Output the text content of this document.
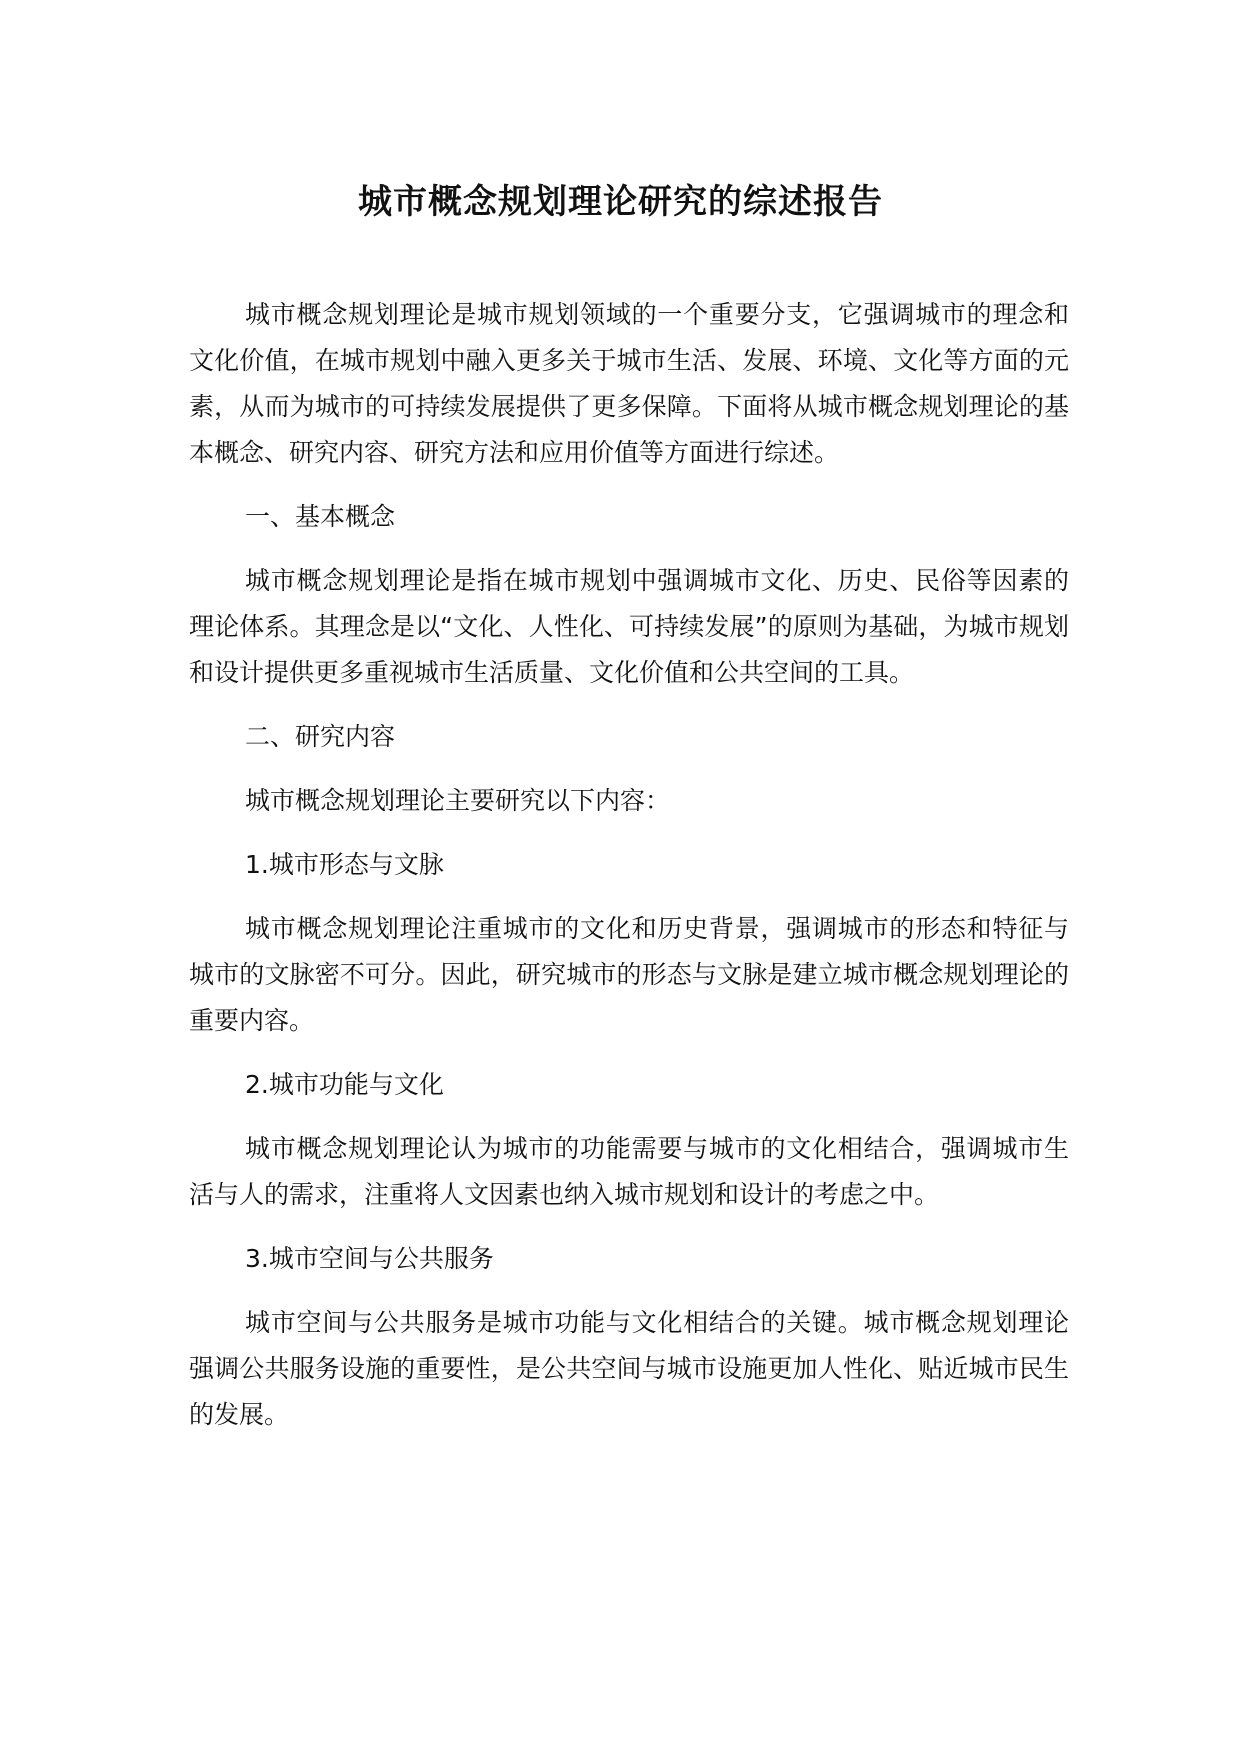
城市概念规划理论研究的综述报告

城市概念规划理论是城市规划领域的一个重要分支，它强调城市的理念和文化价值，在城市规划中融入更多关于城市生活、发展、环境、文化等方面的元素，从而为城市的可持续发展提供了更多保障。下面将从城市概念规划理论的基本概念、研究内容、研究方法和应用价值等方面进行综述。

一、基本概念

城市概念规划理论是指在城市规划中强调城市文化、历史、民俗等因素的理论体系。其理念是以“文化、人性化、可持续发展”的原则为基础，为城市规划和设计提供更多重视城市生活质量、文化价值和公共空间的工具。

二、研究内容

城市概念规划理论主要研究以下内容：

1.城市形态与文脉

城市概念规划理论注重城市的文化和历史背景，强调城市的形态和特征与城市的文脉密不可分。因此，研究城市的形态与文脉是建立城市概念规划理论的重要内容。

2.城市功能与文化

城市概念规划理论认为城市的功能需要与城市的文化相结合，强调城市生活与人的需求，注重将人文因素也纳入城市规划和设计的考虑之中。

3.城市空间与公共服务

城市空间与公共服务是城市功能与文化相结合的关键。城市概念规划理论强调公共服务设施的重要性，是公共空间与城市设施更加人性化、贴近城市民生的发展。
